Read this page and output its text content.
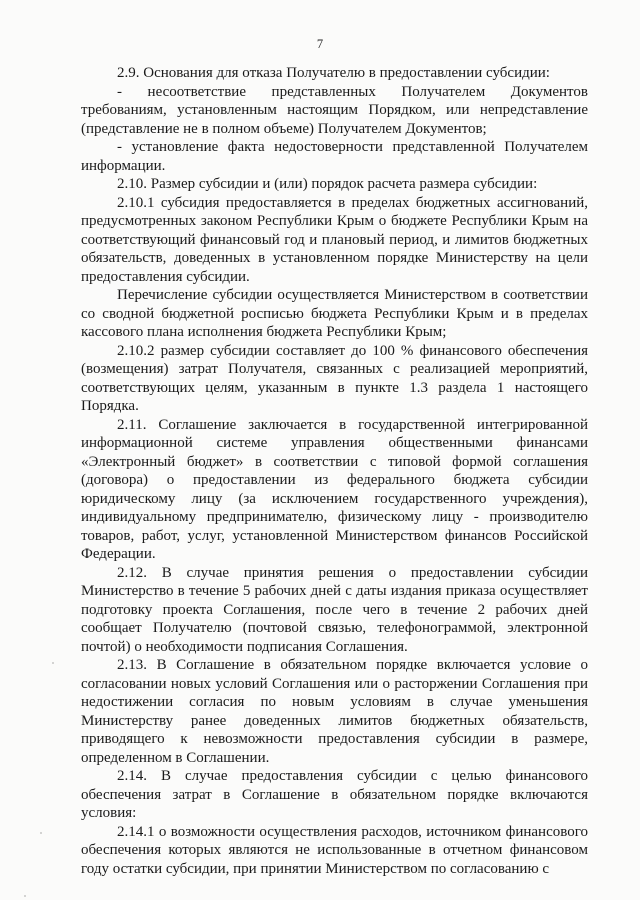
7

2.9. Основания для отказа Получателю в предоставлении субсидии:

- несоответствие представленных Получателем Документов требованиям, установленным настоящим Порядком, или непредставление (представление не в полном объеме) Получателем Документов;

- установление факта недостоверности представленной Получателем информации.

2.10. Размер субсидии и (или) порядок расчета размера субсидии:

2.10.1 субсидия предоставляется в пределах бюджетных ассигнований, предусмотренных законом Республики Крым о бюджете Республики Крым на соответствующий финансовый год и плановый период, и лимитов бюджетных обязательств, доведенных в установленном порядке Министерству на цели предоставления субсидии.

Перечисление субсидии осуществляется Министерством в соответствии со сводной бюджетной росписью бюджета Республики Крым и в пределах кассового плана исполнения бюджета Республики Крым;

2.10.2 размер субсидии составляет до 100 % финансового обеспечения (возмещения) затрат Получателя, связанных с реализацией мероприятий, соответствующих целям, указанным в пункте 1.3 раздела 1 настоящего Порядка.

2.11. Соглашение заключается в государственной интегрированной информационной системе управления общественными финансами «Электронный бюджет» в соответствии с типовой формой соглашения (договора) о предоставлении из федерального бюджета субсидии юридическому лицу (за исключением государственного учреждения), индивидуальному предпринимателю, физическому лицу - производителю товаров, работ, услуг, установленной Министерством финансов Российской Федерации.

2.12. В случае принятия решения о предоставлении субсидии Министерство в течение 5 рабочих дней с даты издания приказа осуществляет подготовку проекта Соглашения, после чего в течение 2 рабочих дней сообщает Получателю (почтовой связью, телефонограммой, электронной почтой) о необходимости подписания Соглашения.

2.13. В Соглашение в обязательном порядке включается условие о согласовании новых условий Соглашения или о расторжении Соглашения при недостижении согласия по новым условиям в случае уменьшения Министерству ранее доведенных лимитов бюджетных обязательств, приводящего к невозможности предоставления субсидии в размере, определенном в Соглашении.

2.14. В случае предоставления субсидии с целью финансового обеспечения затрат в Соглашение в обязательном порядке включаются условия:

2.14.1 о возможности осуществления расходов, источником финансового обеспечения которых являются не использованные в отчетном финансовом году остатки субсидии, при принятии Министерством по согласованию с
